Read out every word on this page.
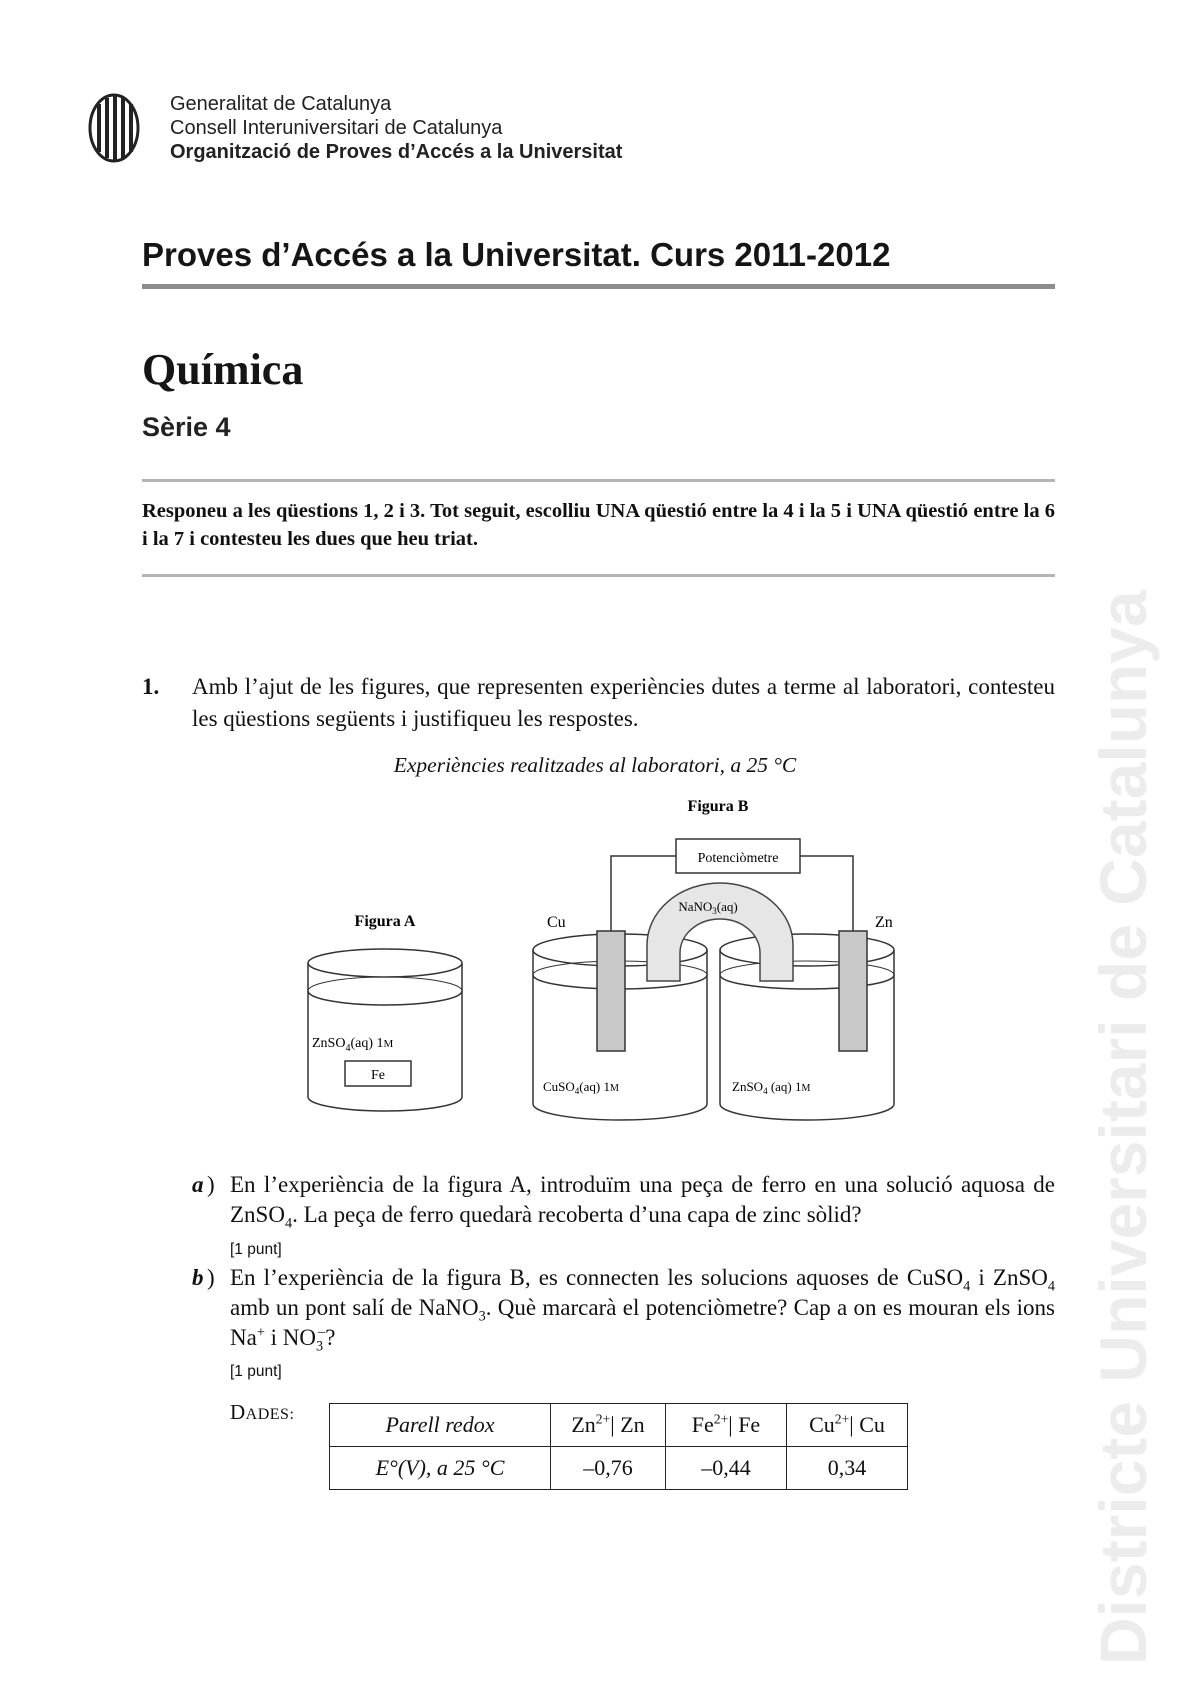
Generalitat de Catalunya
Consell Interuniversitari de Catalunya
Organització de Proves d’Accés a la Universitat
Proves d’Accés a la Universitat. Curs 2011-2012
Química
Sèrie 4
Responeu a les qüestions 1, 2 i 3. Tot seguit, escolliu UNA qüestió entre la 4 i la 5 i UNA qüestió entre la 6 i la 7 i contesteu les dues que heu triat.
Districte Universitari de Catalunya
1. Amb l’ajut de les figures, que representen experiències dutes a terme al laboratori, contesteu les qüestions següents i justifiqueu les respostes.
Experiències realitzades al laboratori, a 25 °C
Figura B
Potenciòmetre
Figura A
ZnSO$_4$(aq) 1M
Fe
NaNO$_3$(aq)
Cu	Zn
CuSO$_4$(aq) 1M	ZnSO$_4$ (aq) 1M
a ) En l’experiència de la figura A, introduïm una peça de ferro en una solució aquosa de ZnSO$_4$. La peça de ferro quedarà recoberta d’una capa de zinc sòlid?
[1 punt]
b ) En l’experiència de la figura B, es connecten les solucions aquoses de CuSO$_4$ i ZnSO$_4$ amb un pont salí de NaNO$_3$. Què marcarà el potenciòmetre? Cap a on es mouran els ions Na+ i $NO_3^-$?
[1 punt]
DADES:	Parell redox	$Zn^{2+}|$ Zn	$Fe^{2+}|$ Fe	$Cu^{2+}|$ Cu
E°(V), a 25 °C	–0,76	–0,44	0,34
